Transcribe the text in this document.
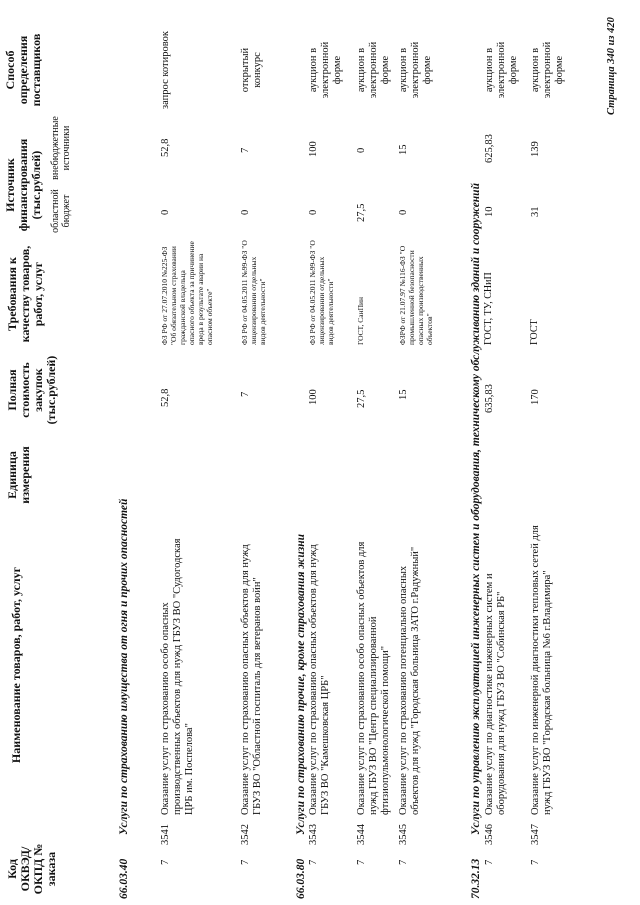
Код ОКВЭД/ ОКПД № заказа
Наименование товаров, работ, услуг
Единица измерения
Полная стоимость закупок (тыс.рублей)
Требования к качеству товаров, работ, услуг
Источник финансирования (тыс.рублей) областной бюджет
внебюджетные источники
Способ определения поставщиков
66.03.40
Услуги по страхованию имущества от огня и прочих опасностей
7
3541
Оказание услуг по страхованию особо опасных производственных объектов для нужд ГБУЗ ВО "Судогодская ЦРБ им. Поспелова"
52,8
ФЗ РФ от 27.07.2010 №225-ФЗ "Об обязательном страховании гражданской владельца опасного объекта за причинение вреда в результате аварии на опасном объекте"
0
52,8
запрос котировок
7
3542
Оказание услуг по страхованию опасных объектов для нужд ГБУЗ ВО "Областной госпиталь для ветеранов войн"
7
ФЗ РФ от 04.05.2011 №99-ФЗ "О лицензировании отдельных видов деятельности"
0
7
открытый конкурс
66.03.80
Услуги по страхованию прочие, кроме страхования жизни
7
3543
Оказание услуг по страхованию опасных объектов для нужд ГБУЗ ВО "Камешковская ЦРБ"
100
ФЗ РФ от 04.05.2011 №99-ФЗ "О лицензировании отдельных видов деятельности"
0
100
аукцион в электронной форме
7
3544
Оказание услуг по страхованию особо опасных объектов для нужд ГБУЗ ВО "Центр специализированной фтизиопульмонологической помощи"
27,5
ГОСТ, СанПин
27,5
0
аукцион в электронной форме
7
3545
Оказание услуг по страхованию потенциально опасных объектов для нужд "Городская больница ЗАТО г.Радужный"
15
ФЗРФ от 21.07.97 №116-ФЗ "О промышленной безопасности опасных производственных объектов"
0
15
аукцион в электронной форме
70.32.13
Услуги по управлению эксплуатацией инженерных систем и оборудования, техническому обслуживанию зданий и сооружений
7
3546
Оказание услуг по диагностике инженерных систем и оборудования для нужд ГБУЗ ВО "Собинская РБ"
635,83
ГОСТ, ТУ, СНиП
10
625,83
аукцион в электронной форме
7
3547
Оказание услуг по инженерной диагностики тепловых сетей для нужд ГБУЗ ВО "Городская больница №6 г.Владимира"
170
ГОСТ
31
139
аукцион в электронной форме	Страница 340 из 420
